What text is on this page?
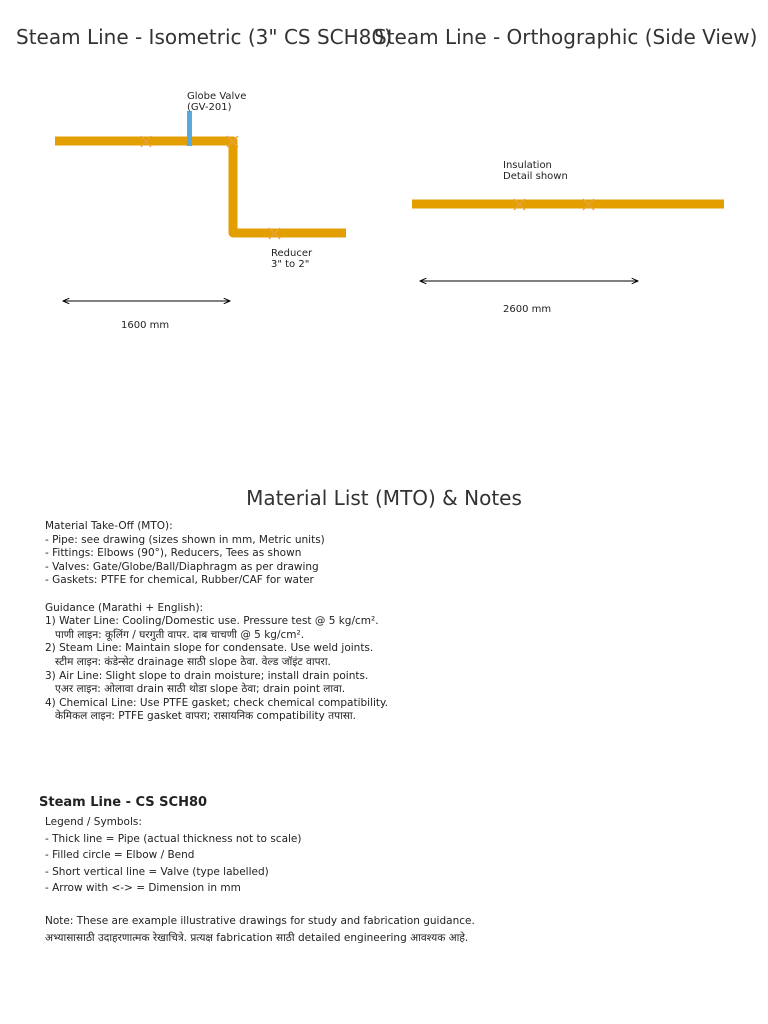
Steam Line - Isometric (3" CS SCH80)
Steam Line - Orthographic (Side View)
Globe Valve
(GV-201)
Reducer
3" to 2"
1600 mm
Insulation
Detail shown
2600 mm
Material List (MTO) & Notes
Material Take-Off (MTO):
- Pipe: see drawing (sizes shown in mm, Metric units)
- Fittings: Elbows (90°), Reducers, Tees as shown
- Valves: Gate/Globe/Ball/Diaphragm as per drawing
- Gaskets: PTFE for chemical, Rubber/CAF for water

Guidance (Marathi + English):
1) Water Line: Cooling/Domestic use. Pressure test @ 5 kg/cm².
पाणी लाइन: कूलिंग / घरगुती वापर. दाब चाचणी @ 5 kg/cm².
2) Steam Line: Maintain slope for condensate. Use weld joints.
स्टीम लाइन: कंडेन्सेट drainage साठी slope ठेवा. वेल्ड जॉइंट वापरा.
3) Air Line: Slight slope to drain moisture; install drain points.
एअर लाइन: ओलावा drain साठी थोडा slope ठेवा; drain point लावा.
4) Chemical Line: Use PTFE gasket; check chemical compatibility.
केमिकल लाइन: PTFE gasket वापरा; रासायनिक compatibility तपासा.
Steam Line - CS SCH80
Legend / Symbols:
- Thick line = Pipe (actual thickness not to scale)
- Filled circle = Elbow / Bend
- Short vertical line = Valve (type labelled)
- Arrow with <-> = Dimension in mm
Note: These are example illustrative drawings for study and fabrication guidance.
अभ्यासासाठी उदाहरणात्मक रेखाचित्रे. प्रत्यक्ष fabrication साठी detailed engineering आवश्यक आहे.
